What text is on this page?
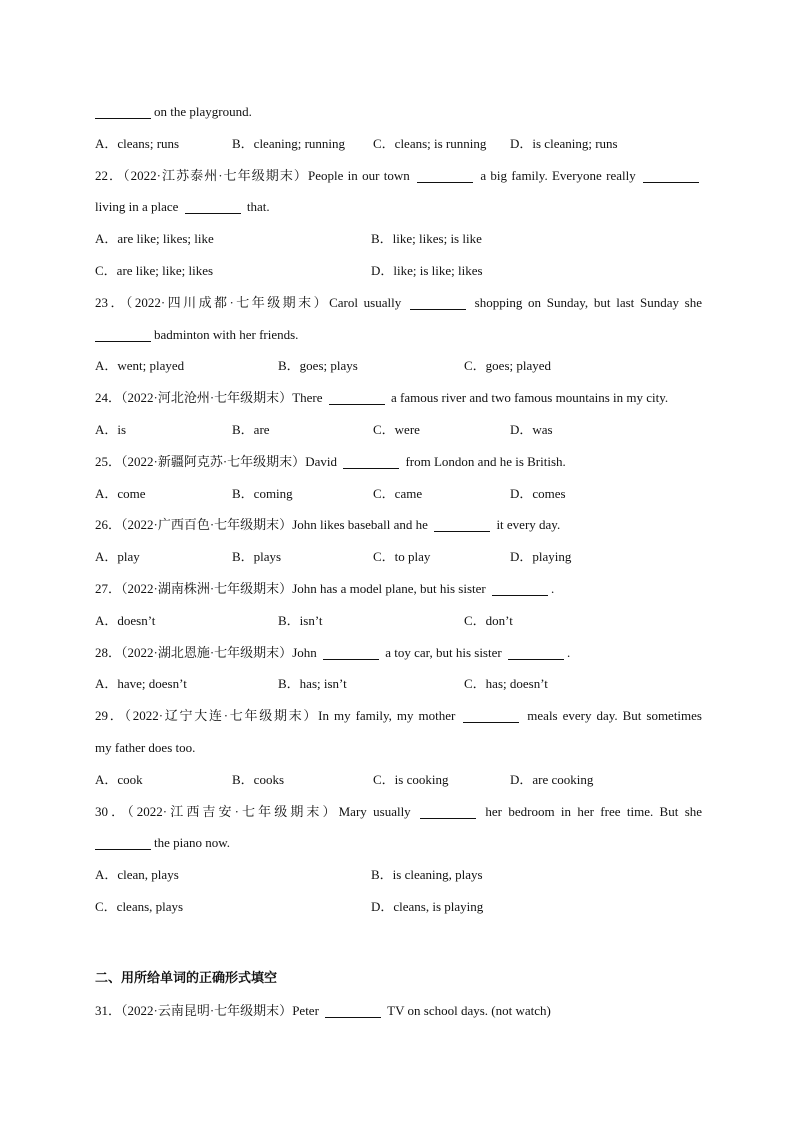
on the playground.
A．cleans; runs	B．cleaning; running	C．cleans; is running	D．is cleaning; runs
22．（2022·江苏泰州·七年级期末）People in our town	a big family. Everyone really
living in a place	that.
A．are like; likes; like	B．like; likes; is like
C．are like; like; likes	D．like; is like; likes
23．（2022·四川成都·七年级期末）Carol usually	shopping on Sunday, but last Sunday she
badminton with her friends.
A．went; played	B．goes; plays	C．goes; played
24．（2022·河北沧州·七年级期末）There	a famous river and two famous mountains in my city.
A．is	B．are	C．were	D．was
25．（2022·新疆阿克苏·七年级期末）David	from London and he is British.
A．come	B．coming	C．came	D．comes
26．（2022·广西百色·七年级期末）John likes baseball and he	it every day.
A．play	B．plays	C．to play	D．playing
27．（2022·湖南株洲·七年级期末）John has a model plane, but his sister	.
A．doesn’t	B．isn’t	C．don’t
28．（2022·湖北恩施·七年级期末）John	a toy car, but his sister	.
A．have; doesn’t	B．has; isn’t	C．has; doesn’t
29．（2022·辽宁大连·七年级期末）In my family, my mother	meals every day. But sometimes
my father does too.
A．cook	B．cooks	C．is cooking	D．are cooking
30．（2022·江西吉安·七年级期末）Mary usually	her bedroom in her free time. But she
the piano now.
A．clean, plays	B．is cleaning, plays
C．cleans, plays	D．cleans, is playing
二、用所给单词的正确形式填空
31．（2022·云南昆明·七年级期末）Peter	TV on school days. (not watch)
